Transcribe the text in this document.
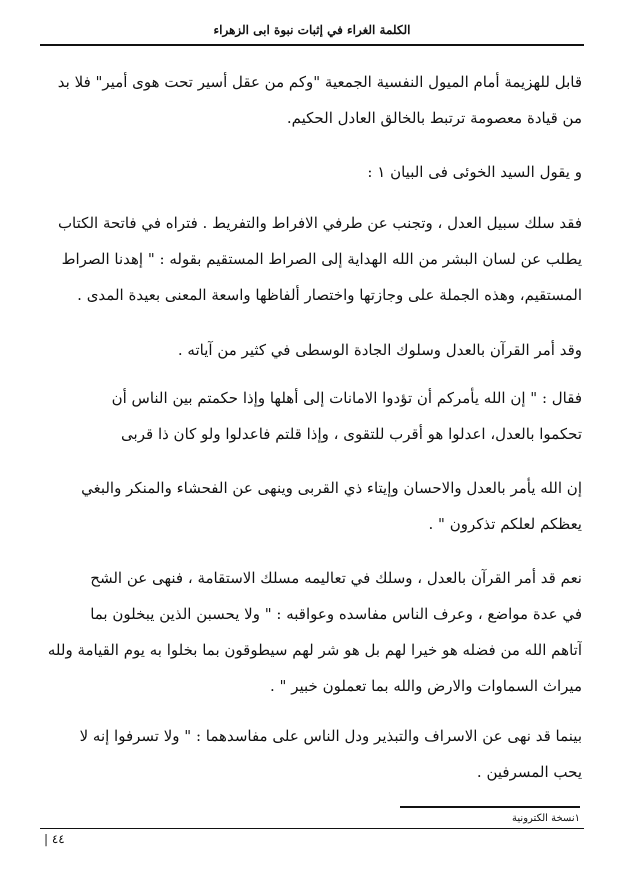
الكلمة الغراء في إثبات نبوة ابى الزهراء

قابل للهزيمة أمام الميول النفسية الجمعية "وكم من عقل أسير تحت هوى أمير" فلا بد
من قيادة معصومة ترتبط بالخالق العادل الحكيم.

و يقول السيد الخوئى فى البيان ١ :

فقد سلك سبيل العدل ، وتجنب عن طرفي الافراط والتفريط . فتراه في فاتحة الكتاب
يطلب عن لسان البشر من الله الهداية إلى الصراط المستقيم بقوله : " إهدنا الصراط
المستقيم، وهذه الجملة على وجازتها واختصار ألفاظها واسعة المعنى بعيدة المدى .

وقد أمر القرآن بالعدل وسلوك الجادة الوسطى في كثير من آياته .

فقال : " إن الله يأمركم أن تؤدوا الامانات إلى أهلها وإذا حكمتم بين الناس أن
تحكموا بالعدل، اعدلوا هو أقرب للتقوى ، وإذا قلتم فاعدلوا ولو كان ذا قربى

إن الله يأمر بالعدل والاحسان وإيتاء ذي القربى وينهى عن الفحشاء والمنكر والبغي
يعظكم لعلكم تذكرون " .

نعم قد أمر القرآن بالعدل ، وسلك في تعاليمه مسلك الاستقامة ، فنهى عن الشح
في عدة مواضع ، وعرف الناس مفاسده وعواقبه : " ولا يحسبن الذين يبخلون بما
آتاهم الله من فضله هو خيرا لهم بل هو شر لهم سيطوقون بما بخلوا به يوم القيامة ولله
ميراث السماوات والارض والله بما تعملون خبير " .

بينما قد نهى عن الاسراف والتبذير ودل الناس على مفاسدهما : " ولا تسرفوا إنه لا
يحب المسرفين .

١نسخة الكترونية
٤٤ |
